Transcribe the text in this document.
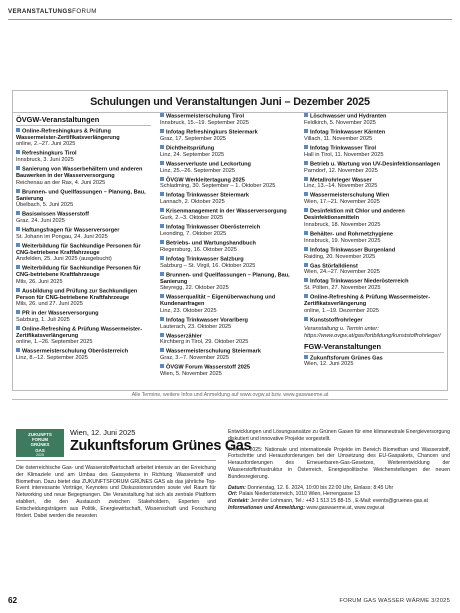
VERANSTALTUNGSFORUM
Schulungen und Veranstaltungen Juni – Dezember 2025
ÖVGW-Veranstaltungen
Online-Refreshingkurs & Prüfung Wassermeister-Zertifikatsverlängerung
online, 2.–27. Juni 2025
Refreshingkurs Tirol
Innsbruck, 3. Juni 2025
Sanierung von Wasserbehältern und anderen Bauwerken in der Wasserversorgung
Reichenau an der Rax, 4. Juni 2025
Brunnen- und Quellfassungen – Planung, Bau, Sanierung
Übelbach, 5. Juni 2025
Basiswissen Wasserstoff
Graz, 24. Juni 2025
Haftungsfragen für Wasserversorger
St. Johann im Pongau, 24. Juni 2025
Weiterbildung für Sachkundige Personen für CNG-betriebene Kraftfahrzeuge
Ansfelden, 25. Juni 2025 (ausgebucht)
Weiterbildung für Sachkundige Personen für CNG-betriebene Kraftfahrzeuge
Mils, 26. Juni 2025
Ausbildung und Prüfung zur Sachkundigen Person für CNG-betriebene Kraftfahrzeuge
Mils, 26. und 27. Juni 2025
PR in der Wasserversorgung
Salzburg, 1. Juli 2025
Online-Refreshing & Prüfung Wassermeister-Zertifikatsverlängerung
online, 1.–26. September 2025
Wassermeisterschulung Oberösterreich
Linz, 8.–12. September 2025
Wassermeisterschulung Tirol
Innsbruck, 15.–19. September 2025
Infotag Refreshingkurs Steiermark
Graz, 17. September 2025
Dichtheitsprüfung
Linz, 24. September 2025
Wasserverluste und Leckortung
Linz, 25.–26. September 2025
ÖVGW Werkleitertagung 2025
Schladming, 30. September – 1. Oktober 2025
Infotag Trinkwasser Steiermark
Lannach, 2. Oktober 2025
Krisenmanagement in der Wasserversorgung
Gurk, 2.–3. Oktober 2025
Infotag Trinkwasser Oberösterreich
Leonding, 7. Oktober 2025
Betriebs- und Wartungshandbuch
Riegersburg, 16. Oktober 2025
Infotag Trinkwasser Salzburg
Salzburg – St. Virgil, 16. Oktober 2025
Brunnen- und Quellfassungen – Planung, Bau, Sanierung
Steyregg, 22. Oktober 2025
Wasserqualität – Eigenüberwachung und Kundenanfragen
Linz, 23. Oktober 2025
Infotag Trinkwasser Vorarlberg
Lauterach, 23. Oktober 2025
Wasserzähler
Kirchberg in Tirol, 29. Oktober 2025
Wassermeisterschulung Steiermark
Graz, 3.–7. November 2025
ÖVGW Forum Wasserstoff 2025
Wien, 5. November 2025
Löschwasser und Hydranten
Feldkirch, 5. November 2025
Infotag Trinkwasser Kärnten
Villach, 11. November 2025
Infotag Trinkwasser Tirol
Hall in Tirol, 11. November 2025
Betrieb u. Wartung von UV-Desinfektionsanlagen
Parndorf, 12. November 2025
Metallrohrleger Wasser
Linz, 13.–14. November 2025
Wassermeisterschulung Wien
Wien, 17.–21. November 2025
Desinfektion mit Chlor und anderen Desinfektionsmitteln
Innsbruck, 18. November 2025
Behälter- und Rohrnetzhygiene
Innsbruck, 19. November 2025
Infotag Trinkwasser Burgenland
Raiding, 20. November 2025
Gas Störfalldienst
Wien, 24.–27. November 2025
Infotag Trinkwasser Niederösterreich
St. Pölten, 27. November 2025
Online-Refreshing & Prüfung Wassermeister-Zertifikatsverlängerung
online, 1.–19. Dezember 2025
Kunststoffrohrleger
Veranstaltung u. Termin unter: https://www.ovgw.at/gas/fortbildung/kunststoffrohrleger/
FGW-Veranstaltungen
Zukunftsforum Grünes Gas
Wien, 12. Juni 2025
Alle Termine, weitere Infos und Anmeldung auf www.ovgw.at bzw. www.gaswaerme.at
ZUKUNFTS
FORUM
GRÜNES
GAS
2025
Wien, 12. Juni 2025
Zukunftsforum Grünes Gas
Die österreichische Gas- und Wasserstoffwirtschaft arbeitet intensiv an der Erreichung der Klimaziele und am Umbau des Gassystems in Richtung Wasserstoff und Biomethan. Dazu bietet das ZUKUNFTSFORUM GRÜNES GAS als das jährliche Top-Event interessante Vorträge, Keynotes und Diskussionsrunden sowie viel Raum für Networking und neue Begegnungen. Die Veranstaltung hat sich als zentrale Plattform etabliert, die den Austausch zwischen Stakeholdern, Experten und Entscheidungsträgern aus Politik, Energiewirtschaft, Wissenschaft und Forschung fördert. Dabei werden die neuesten

Entwicklungen und Lösungsansätze zu Grünen Gasen für eine klimaneutrale Energieversorgung diskutiert und innovative Projekte vorgestellt.

Themen 2025: Nationale und internationale Projekte im Bereich Biomethan und Wasserstoff, Fortschritte und Herausforderungen bei der Umsetzung des EU-Gaspakets, Chancen und Herausforderungen des Erneuerbaren-Gas-Gesetzes, Weiterentwicklung der Wasserstoffinfrastruktur in Österreich, Energiepolitische Weichenstellungen der neuen Bundesregierung.

Datum: Donnerstag, 12. 6. 2024, 10:00 bis 22:00 Uhr, Einlass: 8:45 Uhr
Ort: Palais Niederösterreich, 1010 Wien, Herrengasse 13
Kontakt: Jennifer Lohmann, Tel.: +43 1 513 15 88-15 , E-Mail: events@gruenes-gas.at
Informationen und Anmeldung: www.gaswaerme.at, www.ovgw.at
62	FORUM GAS WASSER WÄRME 3/2025
